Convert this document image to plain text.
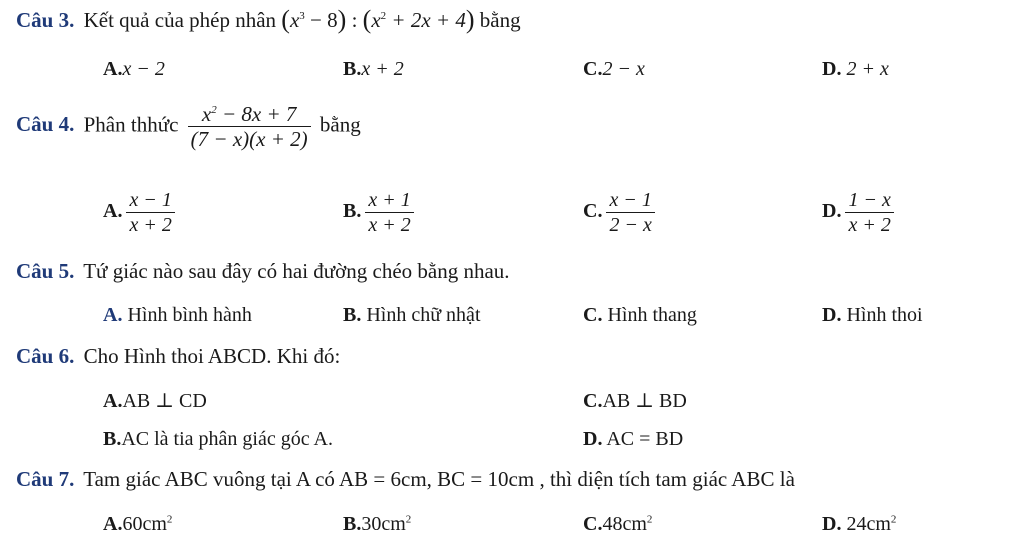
Câu 3. Kết quả của phép nhân $(x^3 - 8)$ : $(x^2 + 2x + 4)$ bằng
A.x − 2	B.x + 2	C.2 − x	D. 2 + x
Câu 4. Phân thhức $\frac{x^2 - 8x + 7}{(7 - x)(x + 2)}$ bằng
A. $\frac{x - 1}{x + 2}$	B. $\frac{x + 1}{x + 2}$	C. $\frac{x - 1}{2 - x}$	D. $\frac{1 - x}{x + 2}$
Câu 5. Tứ giác nào sau đây có hai đường chéo bằng nhau.
A. Hình bình hành	B. Hình chữ nhật	C. Hình thang	D. Hình thoi
Câu 6. Cho Hình thoi ABCD. Khi đó:
A.AB ⊥ CD	C.AB ⊥ BD
B.AC là tia phân giác góc A.	D. AC = BD
Câu 7. Tam giác ABC vuông tại A có AB = 6cm, BC = 10cm , thì diện tích tam giác ABC là
$A.60cm^2$	$B.30cm^2$	$C.48cm^2$	D. $24cm^2$
